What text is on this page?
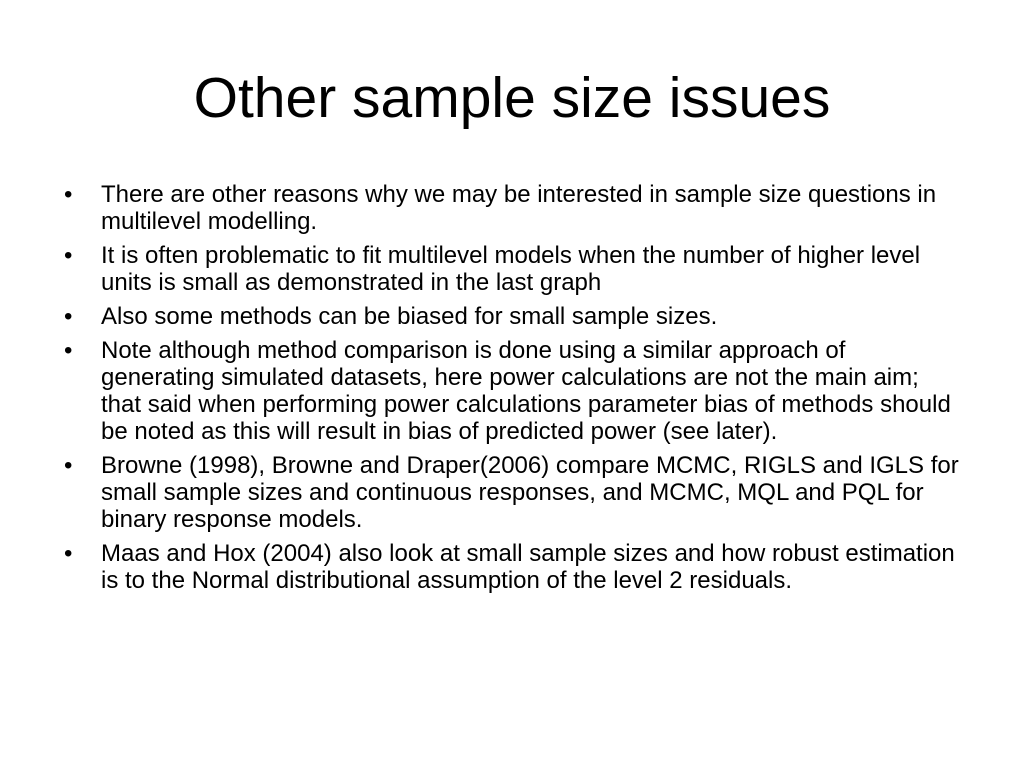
Other sample size issues
•	There are other reasons why we may be interested in sample size questions in multilevel modelling.
•	It is often problematic to fit multilevel models when the number of higher level units is small as demonstrated in the last graph
•	Also some methods can be biased for small sample sizes.
•	Note although method comparison is done using a similar approach of generating simulated datasets, here power calculations are not the main aim; that said when performing power calculations parameter bias of methods should be noted as this will result in bias of predicted power (see later).
•	Browne (1998), Browne and Draper(2006) compare MCMC, RIGLS and IGLS for small sample sizes and continuous responses, and MCMC, MQL and PQL for binary response models.
•	Maas and Hox (2004) also look at small sample sizes and how robust estimation is to the Normal distributional assumption of the level 2 residuals.
